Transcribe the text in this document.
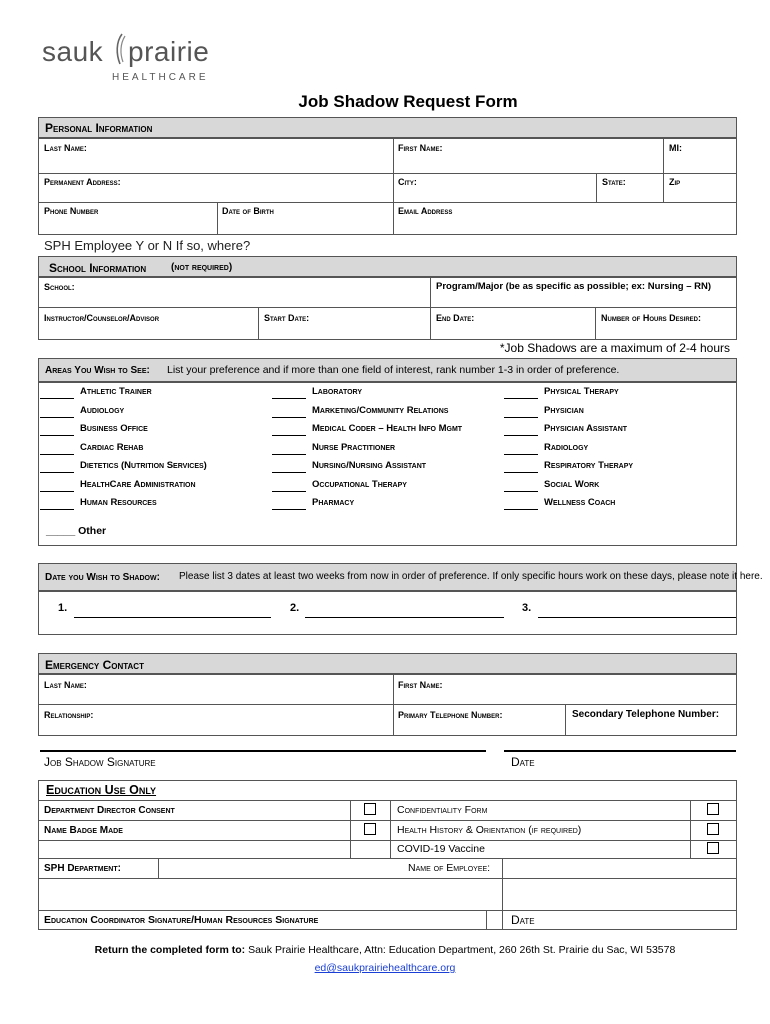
sauk prairie
HEALTHCARE
Job Shadow Request Form
Personal Information
Last Name:	First Name:	MI:
Permanent Address:	City:	State:	Zip
Phone Number	Date of Birth	Email Address
SPH Employee Y or N If so, where?
School Information (not required)
School:	Program/Major (be as specific as possible; ex: Nursing – RN)
Instructor/Counselor/Advisor	Start Date:	End Date:	Number of Hours Desired:
*Job Shadows are a maximum of 2-4 hours
Areas You Wish to See: List your preference and if more than one field of interest, rank number 1-3 in order of preference.
Athletic Trainer
Audiology
Business Office
Cardiac Rehab
Dietetics (Nutrition Services)
HealthCare Administration
Human Resources
Laboratory
Marketing/Community Relations
Medical Coder – Health Info Mgmt
Nurse Practitioner
Nursing/Nursing Assistant
Occupational Therapy
Pharmacy
Physical Therapy
Physician
Physician Assistant
Radiology
Respiratory Therapy
Social Work
Wellness Coach
_____ Other
Date you Wish to Shadow: Please list 3 dates at least two weeks from now in order of preference. If only specific hours work on these days, please note it here.
1.	2.	3.
Emergency Contact
Last Name:	First Name:
Relationship:	Primary Telephone Number:	Secondary Telephone Number:
Job Shadow Signature	Date
Education Use Only
Department Director Consent	Confidentiality Form
Name Badge Made	Health History & Orientation (if required)
COVID-19 Vaccine
SPH Department:	Name of Employee:
Education Coordinator Signature/Human Resources Signature	Date
Return the completed form to: Sauk Prairie Healthcare, Attn: Education Department, 260 26th St. Prairie du Sac, WI 53578
ed@saukprairiehealthcare.org
